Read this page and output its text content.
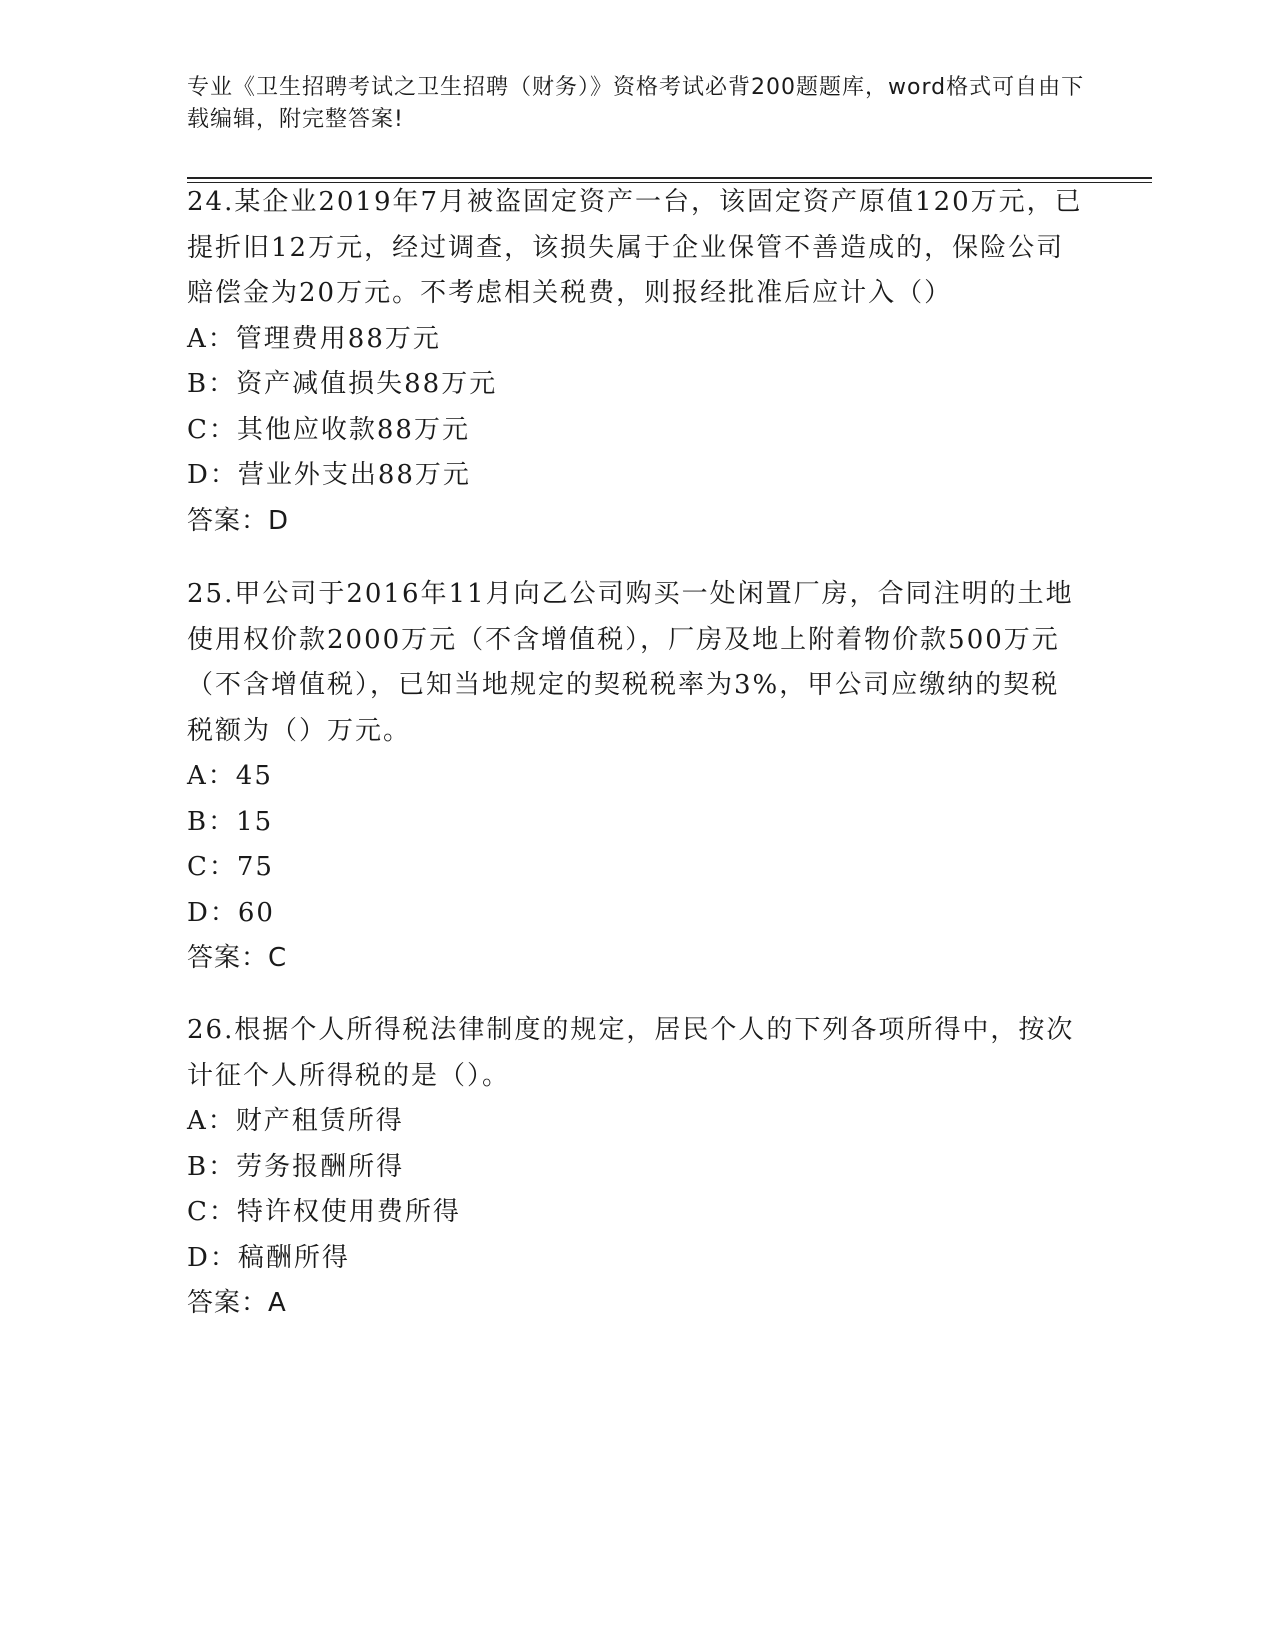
专业《卫生招聘考试之卫生招聘（财务）》资格考试必背200题题库，word格式可自由下载编辑，附完整答案!

24.某企业2019年7月被盗固定资产一台，该固定资产原值120万元，已提折旧12万元，经过调查，该损失属于企业保管不善造成的，保险公司赔偿金为20万元。不考虑相关税费，则报经批准后应计入（）

A：管理费用88万元
B：资产减值损失88万元
C：其他应收款88万元
D：营业外支出88万元

答案：D

25.甲公司于2016年11月向乙公司购买一处闲置厂房，合同注明的土地使用权价款2000万元（不含增值税），厂房及地上附着物价款500万元（不含增值税），已知当地规定的契税税率为3%，甲公司应缴纳的契税税额为（）万元。

A：45
B：15
C：75
D：60

答案：C

26.根据个人所得税法律制度的规定，居民个人的下列各项所得中，按次计征个人所得税的是（）。

A：财产租赁所得
B：劳务报酬所得
C：特许权使用费所得
D：稿酬所得

答案：A
